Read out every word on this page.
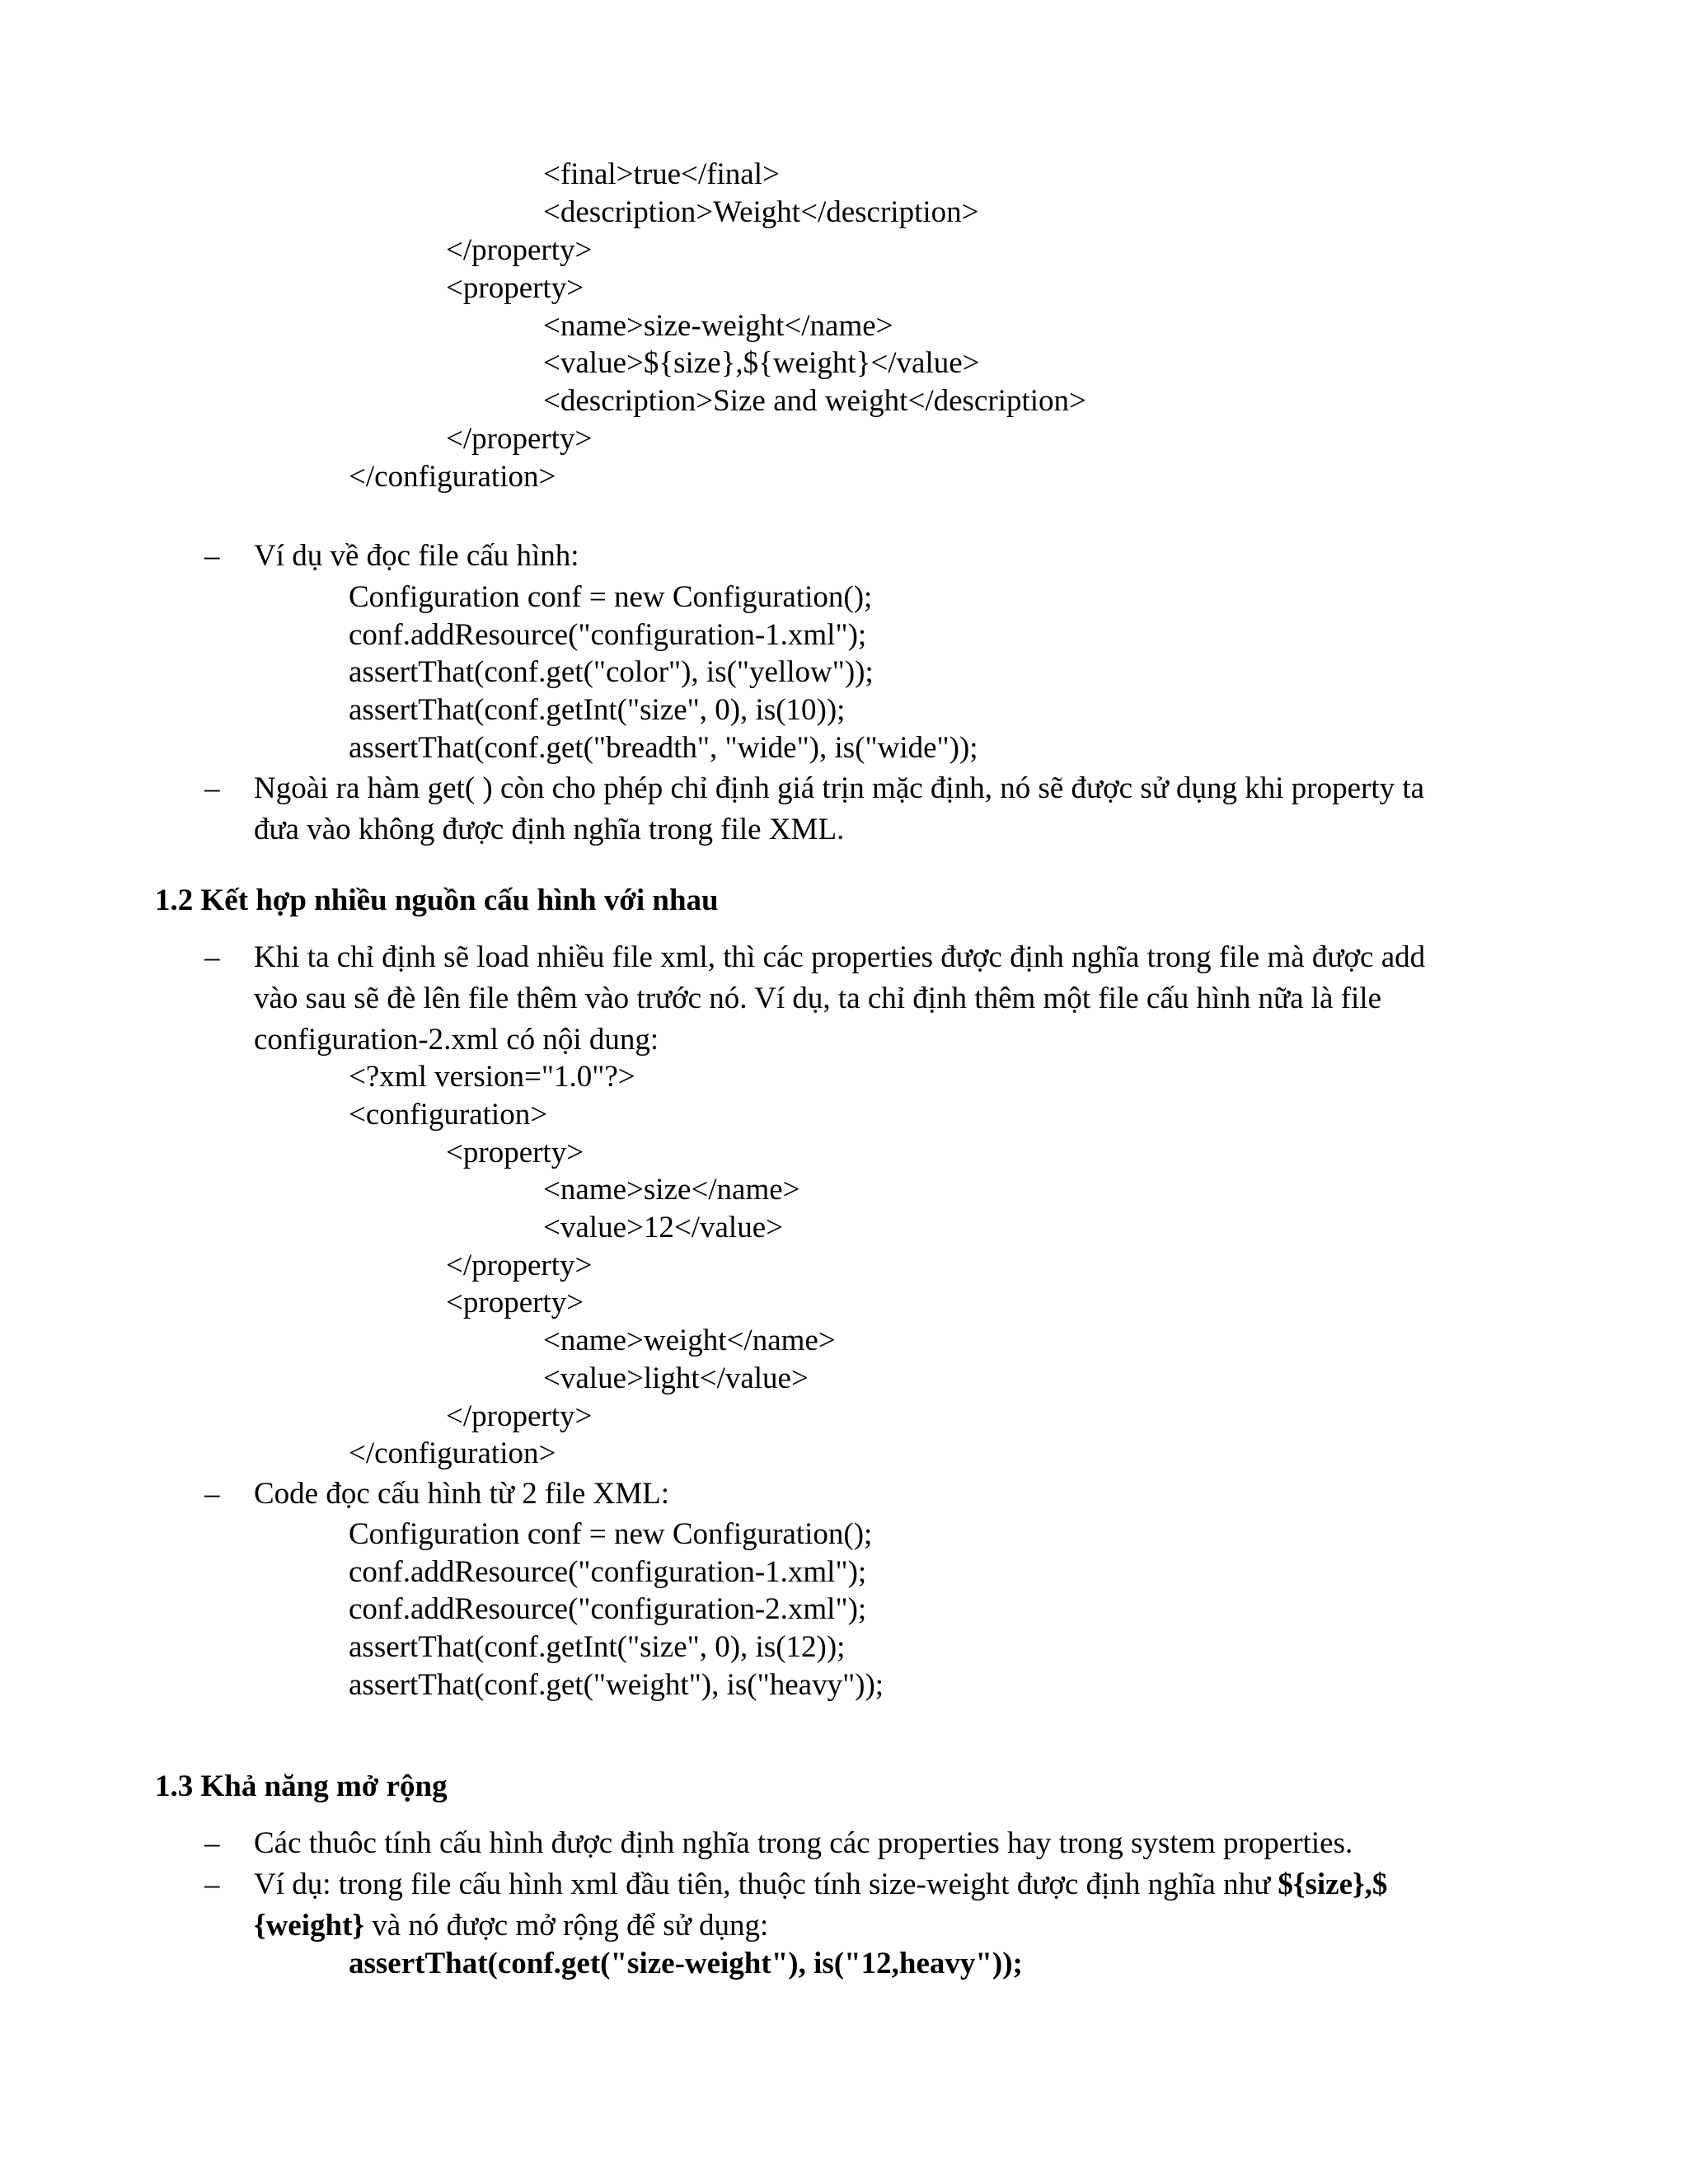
<final>true</final>

<description>Weight</description>

</property>

<property>

<name>size-weight</name>

<value>${size},${weight}</value>

<description>Size and weight</description>

</property>

</configuration>

– Ví dụ về đọc file cấu hình:

Configuration conf = new Configuration();

conf.addResource("configuration-1.xml");

assertThat(conf.get("color"), is("yellow"));

assertThat(conf.getInt("size", 0), is(10));

assertThat(conf.get("breadth", "wide"), is("wide"));

– Ngoài ra hàm get( ) còn cho phép chỉ định giá trịn mặc định, nó sẽ được sử dụng khi property ta

đưa vào không được định nghĩa trong file XML.

1.2 Kết hợp nhiều nguồn cấu hình với nhau

– Khi ta chỉ định sẽ load nhiều file xml, thì các properties được định nghĩa trong file mà được add

vào sau sẽ đè lên file thêm vào trước nó. Ví dụ, ta chỉ định thêm một file cấu hình nữa là file

configuration-2.xml có nội dung:

<?xml version="1.0"?>

<configuration>

<property>

<name>size</name>

<value>12</value>

</property>

<property>

<name>weight</name>

<value>light</value>

</property>

</configuration>

– Code đọc cấu hình từ 2 file XML:

Configuration conf = new Configuration();

conf.addResource("configuration-1.xml");

conf.addResource("configuration-2.xml");

assertThat(conf.getInt("size", 0), is(12));

assertThat(conf.get("weight"), is("heavy"));

1.3 Khả năng mở rộng

– Các thuôc tính cấu hình được định nghĩa trong các properties hay trong system properties.

– Ví dụ: trong file cấu hình xml đầu tiên, thuộc tính size-weight được định nghĩa như ${size},$

{weight} và nó được mở rộng để sử dụng:

assertThat(conf.get("size-weight"), is("12,heavy"));
